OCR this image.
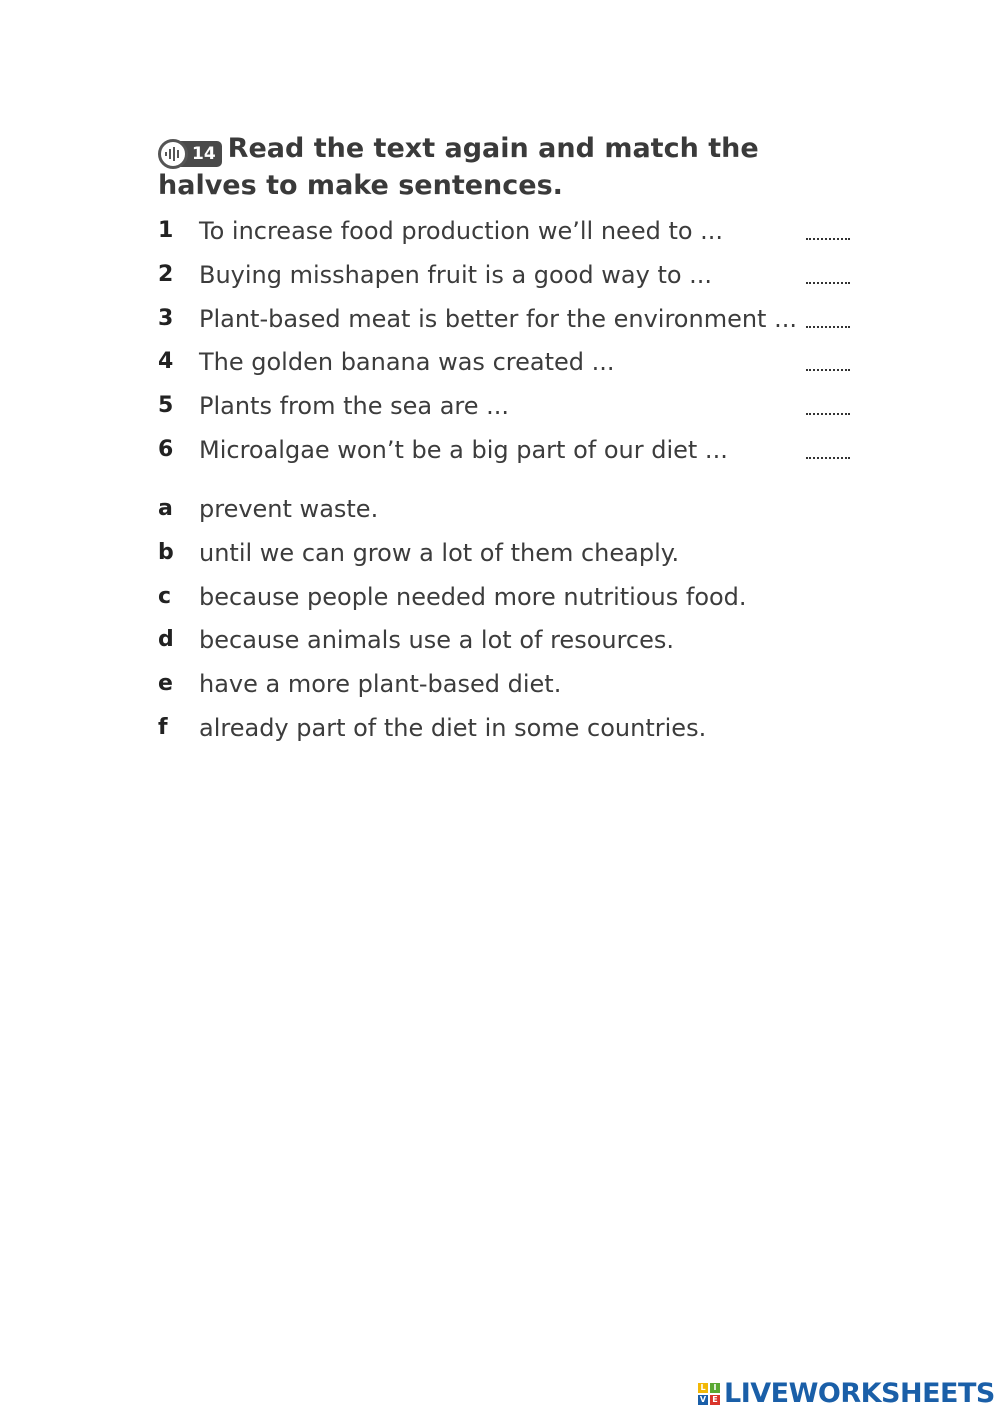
14 Read the text again and match the halves to make sentences.
1 To increase food production we’ll need to ...
2 Buying misshapen fruit is a good way to ...
3 Plant-based meat is better for the environment ...
4 The golden banana was created ...
5 Plants from the sea are ...
6 Microalgae won’t be a big part of our diet ...
a prevent waste.
b until we can grow a lot of them cheaply.
c because people needed more nutritious food.
d because animals use a lot of resources.
e have a more plant-based diet.
f already part of the diet in some countries.
L I
V E LIVEWORKSHEETS
